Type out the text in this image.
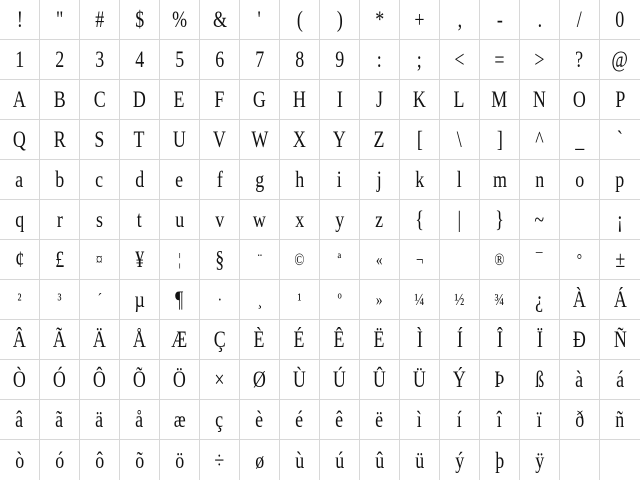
! " # $ % & ' ( ) * + , - . / 0
1 2 3 4 5 6 7 8 9 : ; < = > ? @
A B C D E F G H I J K L M N O P
Q R S T U V W X Y Z [ \ ] ^ _ `
a b c d e f g h i j k l m n o p
q r s t u v w x y z { | } ~	¡
¢ £ ¤ ¥ ¦ § ¨ © ª « ¬	® ¯ ° ±
² ³ ´ µ ¶ · ¸ ¹ º » ¼ ½ ¾ ¿ À Á
Â Ã Ä Å Æ Ç È É Ê Ë Ì Í Î Ï Ð Ñ
Ò Ó Ô Õ Ö × Ø Ù Ú Û Ü Ý Þ ß à á
â ã ä å æ ç è é ê ë ì í î ï ð ñ
ò ó ô õ ö ÷ ø ù ú û ü ý þ ÿ
